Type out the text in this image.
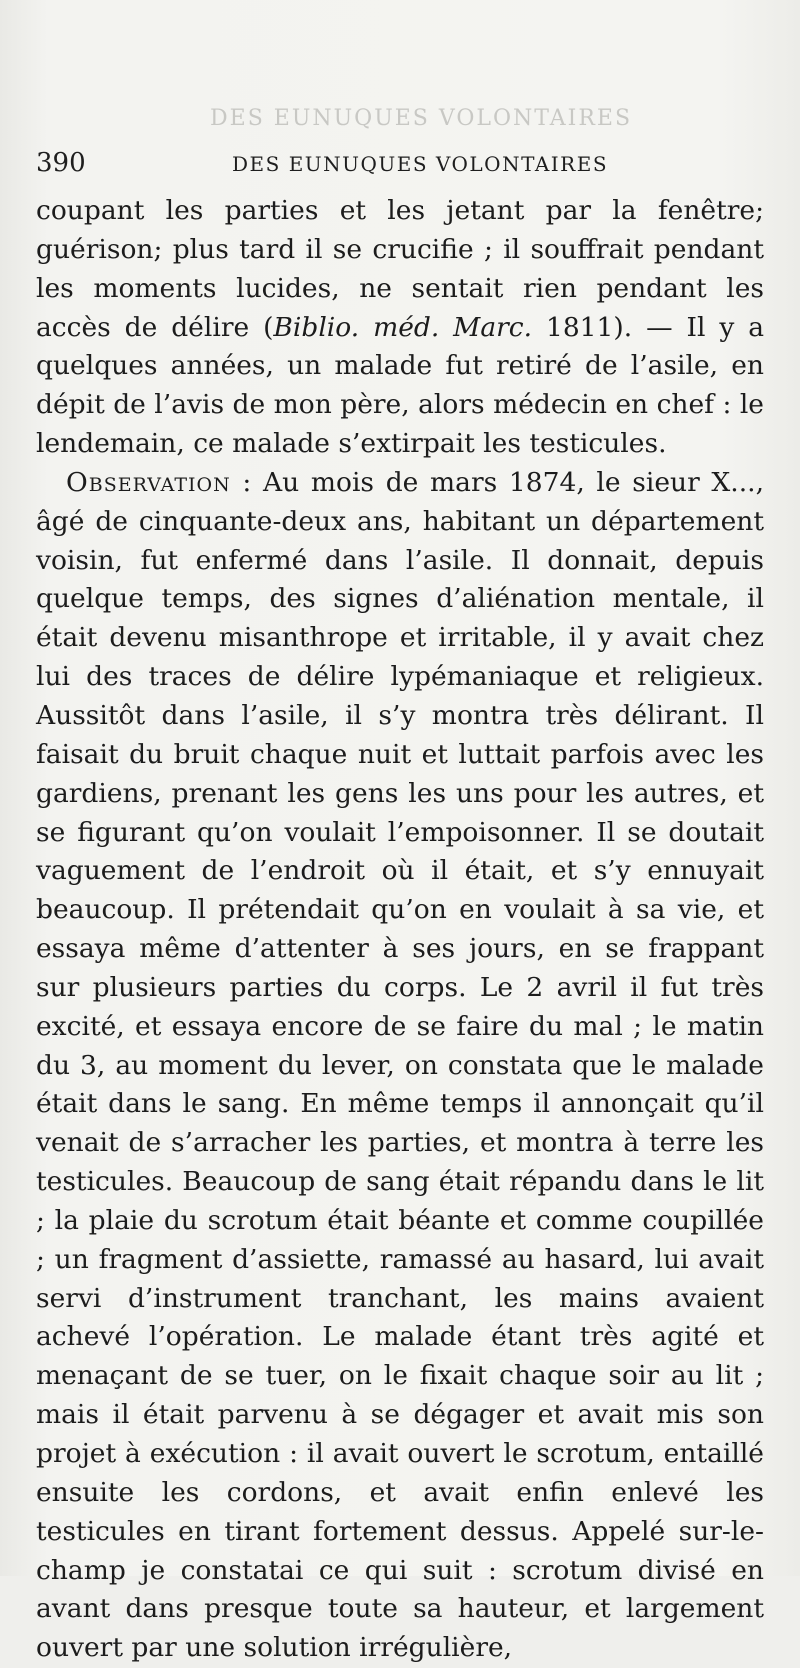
DES EUNUQUES VOLONTAIRES
390	DES EUNUQUES VOLONTAIRES

coupant les parties et les jetant par la fenêtre; guérison; plus tard il se crucifie ; il souffrait pendant les moments lucides, ne sentait rien pendant les accès de délire (Biblio. méd. Marc. 1811). — Il y a quelques années, un malade fut retiré de l’asile, en dépit de l’avis de mon père, alors médecin en chef : le lendemain, ce malade s’extirpait les testicules.

Observation : Au mois de mars 1874, le sieur X..., âgé de cinquante-deux ans, habitant un département voisin, fut enfermé dans l’asile. Il donnait, depuis quelque temps, des signes d’aliénation mentale, il était devenu misanthrope et irritable, il y avait chez lui des traces de délire lypémaniaque et religieux. Aussitôt dans l’asile, il s’y montra très délirant. Il faisait du bruit chaque nuit et luttait parfois avec les gardiens, prenant les gens les uns pour les autres, et se figurant qu’on voulait l’empoisonner. Il se doutait vaguement de l’endroit où il était, et s’y ennuyait beaucoup. Il prétendait qu’on en voulait à sa vie, et essaya même d’attenter à ses jours, en se frappant sur plusieurs parties du corps. Le 2 avril il fut très excité, et essaya encore de se faire du mal ; le matin du 3, au moment du lever, on constata que le malade était dans le sang. En même temps il annonçait qu’il venait de s’arracher les parties, et montra à terre les testicules. Beaucoup de sang était répandu dans le lit ; la plaie du scrotum était béante et comme coupillée ; un fragment d’assiette, ramassé au hasard, lui avait servi d’instrument tranchant, les mains avaient achevé l’opération. Le malade étant très agité et menaçant de se tuer, on le fixait chaque soir au lit ; mais il était parvenu à se dégager et avait mis son projet à exécution : il avait ouvert le scrotum, entaillé ensuite les cordons, et avait enfin enlevé les testicules en tirant fortement dessus. Appelé sur-le-champ je constatai ce qui suit : scrotum divisé en avant dans presque toute sa hauteur, et largement ouvert par une solution irrégulière,
